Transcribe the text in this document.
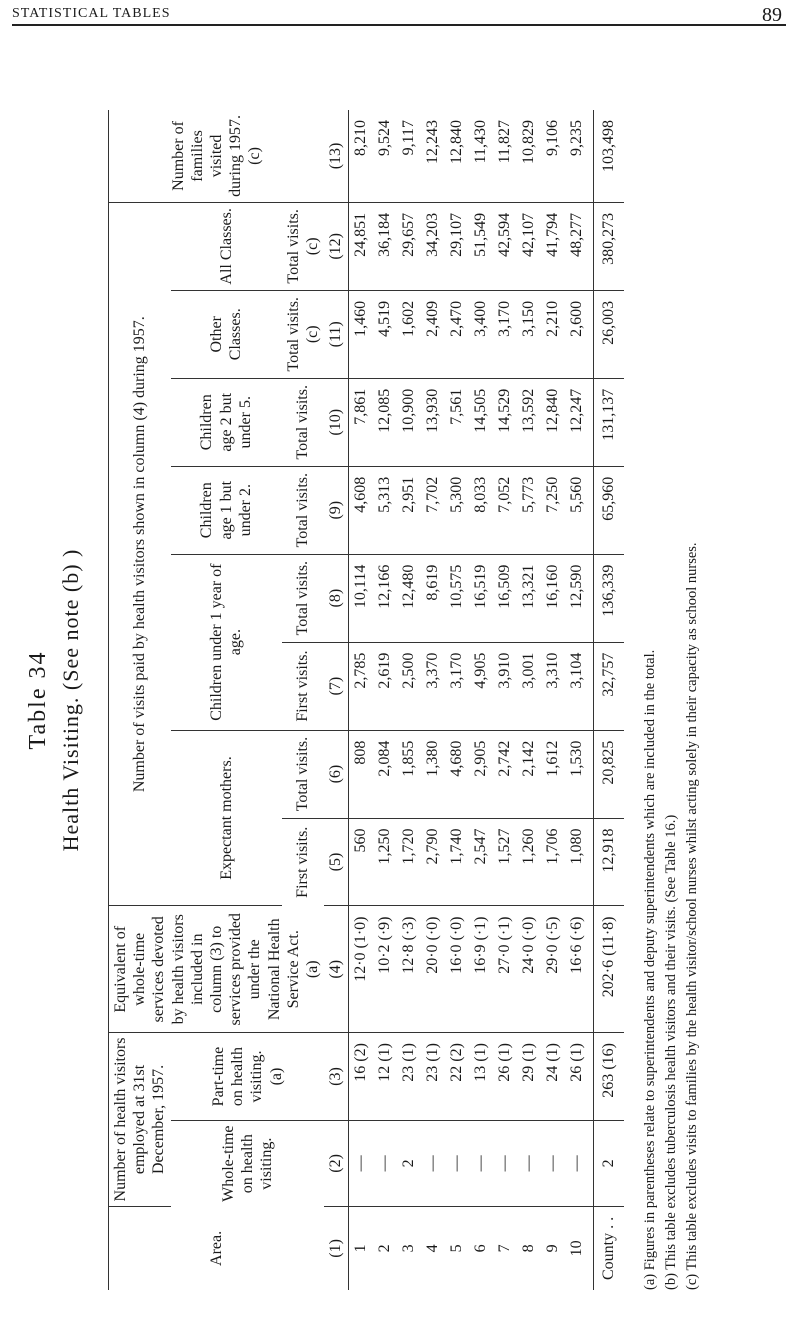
STATISTICAL TABLES	89
Table 34 Health Visiting. (See note (b) )
Area.	Number of health visitors employed at 31st December, 1957.		Equivalent of whole-time services devoted by health visitors included in column (3) to services provided under the National Health Service Act. (a)	Number of visits paid by health visitors shown in column (4) during 1957.								Number of families visited during 1957. (c)
	Whole-time on health visiting.	Part-time on health visiting. (a)		Expectant mothers.		Children under 1 year of age.		Children age 1 but under 2.	Children age 2 but under 5.	Other Classes.	All Classes.	
				First visits.	Total visits.	First visits.	Total visits.	Total visits.	Total visits.	Total visits. (c)	Total visits. (c)	
(1)	(2)	(3)	(4)	(5)	(6)	(7)	(8)	(9)	(10)	(11)	(12)	(13)
1	—	16 (2)	12·0 (1·0)	560	808	2,785	10,114	4,608	7,861	1,460	24,851	8,210
2	—	12 (1)	10·2 (·9)	1,250	2,084	2,619	12,166	5,313	12,085	4,519	36,184	9,524
3	2	23 (1)	12·8 (·3)	1,720	1,855	2,500	12,480	2,951	10,900	1,602	29,657	9,117
4	—	23 (1)	20·0 (·0)	2,790	1,380	3,370	8,619	7,702	13,930	2,409	34,203	12,243
5	—	22 (2)	16·0 (·0)	1,740	4,680	3,170	10,575	5,300	7,561	2,470	29,107	12,840
6	—	13 (1)	16·9 (·1)	2,547	2,905	4,905	16,519	8,033	14,505	3,400	51,549	11,430
7	—	26 (1)	27·0 (·1)	1,527	2,742	3,910	16,509	7,052	14,529	3,170	42,594	11,827
8	—	29 (1)	24·0 (·0)	1,260	2,142	3,001	13,321	5,773	13,592	3,150	42,107	10,829
9	—	24 (1)	29·0 (·5)	1,706	1,612	3,310	16,160	7,250	12,840	2,210	41,794	9,106
10	—	26 (1)	16·6 (·6)	1,080	1,530	3,104	12,590	5,560	12,247	2,600	48,277	9,235
County . .	2	263 (16)	202·6 (11·8)	12,918	20,825	32,757	136,339	65,960	131,137	26,003	380,273	103,498
(a) Figures in parentheses relate to superintendents and deputy superintendents which are included in the total. (b) This table excludes tuberculosis health visitors and their visits. (See Table 16.) (c) This table excludes visits to families by the health visitor/school nurses whilst acting solely in their capacity as school nurses.
